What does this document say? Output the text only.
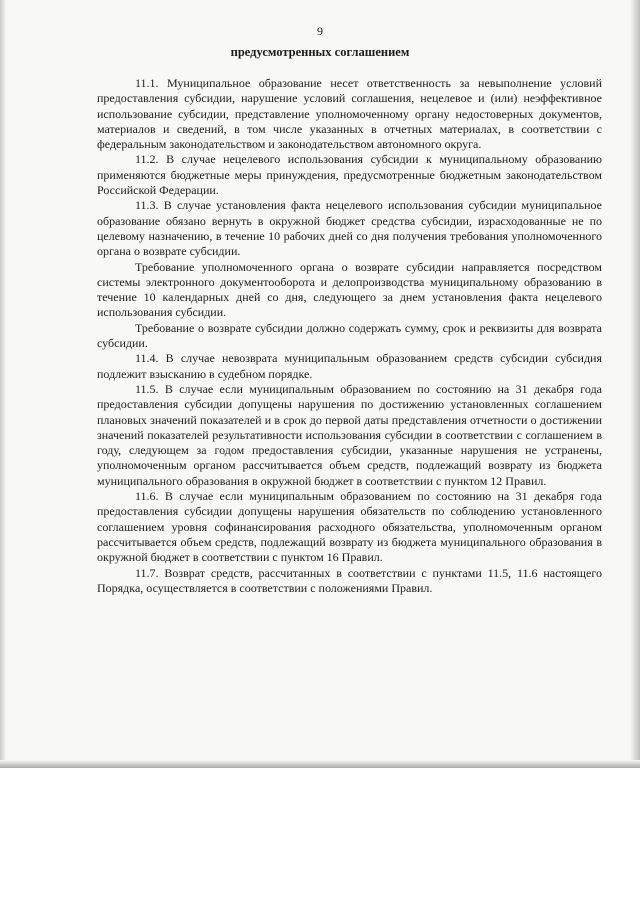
9
предусмотренных соглашением

11.1. Муниципальное образование несет ответственность за невыполнение условий предоставления субсидии, нарушение условий соглашения, нецелевое и (или) неэффективное использование субсидии, представление уполномоченному органу недостоверных документов, материалов и сведений, в том числе указанных в отчетных материалах, в соответствии с федеральным законодательством и законодательством автономного округа.

11.2. В случае нецелевого использования субсидии к муниципальному образованию применяются бюджетные меры принуждения, предусмотренные бюджетным законодательством Российской Федерации.

11.3. В случае установления факта нецелевого использования субсидии муниципальное образование обязано вернуть в окружной бюджет средства субсидии, израсходованные не по целевому назначению, в течение 10 рабочих дней со дня получения требования уполномоченного органа о возврате субсидии.

Требование уполномоченного органа о возврате субсидии направляется посредством системы электронного документооборота и делопроизводства муниципальному образованию в течение 10 календарных дней со дня, следующего за днем установления факта нецелевого использования субсидии.

Требование о возврате субсидии должно содержать сумму, срок и реквизиты для возврата субсидии.

11.4. В случае невозврата муниципальным образованием средств субсидии субсидия подлежит взысканию в судебном порядке.

11.5. В случае если муниципальным образованием по состоянию на 31 декабря года предоставления субсидии допущены нарушения по достижению установленных соглашением плановых значений показателей и в срок до первой даты представления отчетности о достижении значений показателей результативности использования субсидии в соответствии с соглашением в году, следующем за годом предоставления субсидии, указанные нарушения не устранены, уполномоченным органом рассчитывается объем средств, подлежащий возврату из бюджета муниципального образования в окружной бюджет в соответствии с пунктом 12 Правил.

11.6. В случае если муниципальным образованием по состоянию на 31 декабря года предоставления субсидии допущены нарушения обязательств по соблюдению установленного соглашением уровня софинансирования расходного обязательства, уполномоченным органом рассчитывается объем средств, подлежащий возврату из бюджета муниципального образования в окружной бюджет в соответствии с пунктом 16 Правил.

11.7. Возврат средств, рассчитанных в соответствии с пунктами 11.5, 11.6 настоящего Порядка, осуществляется в соответствии с положениями Правил.
